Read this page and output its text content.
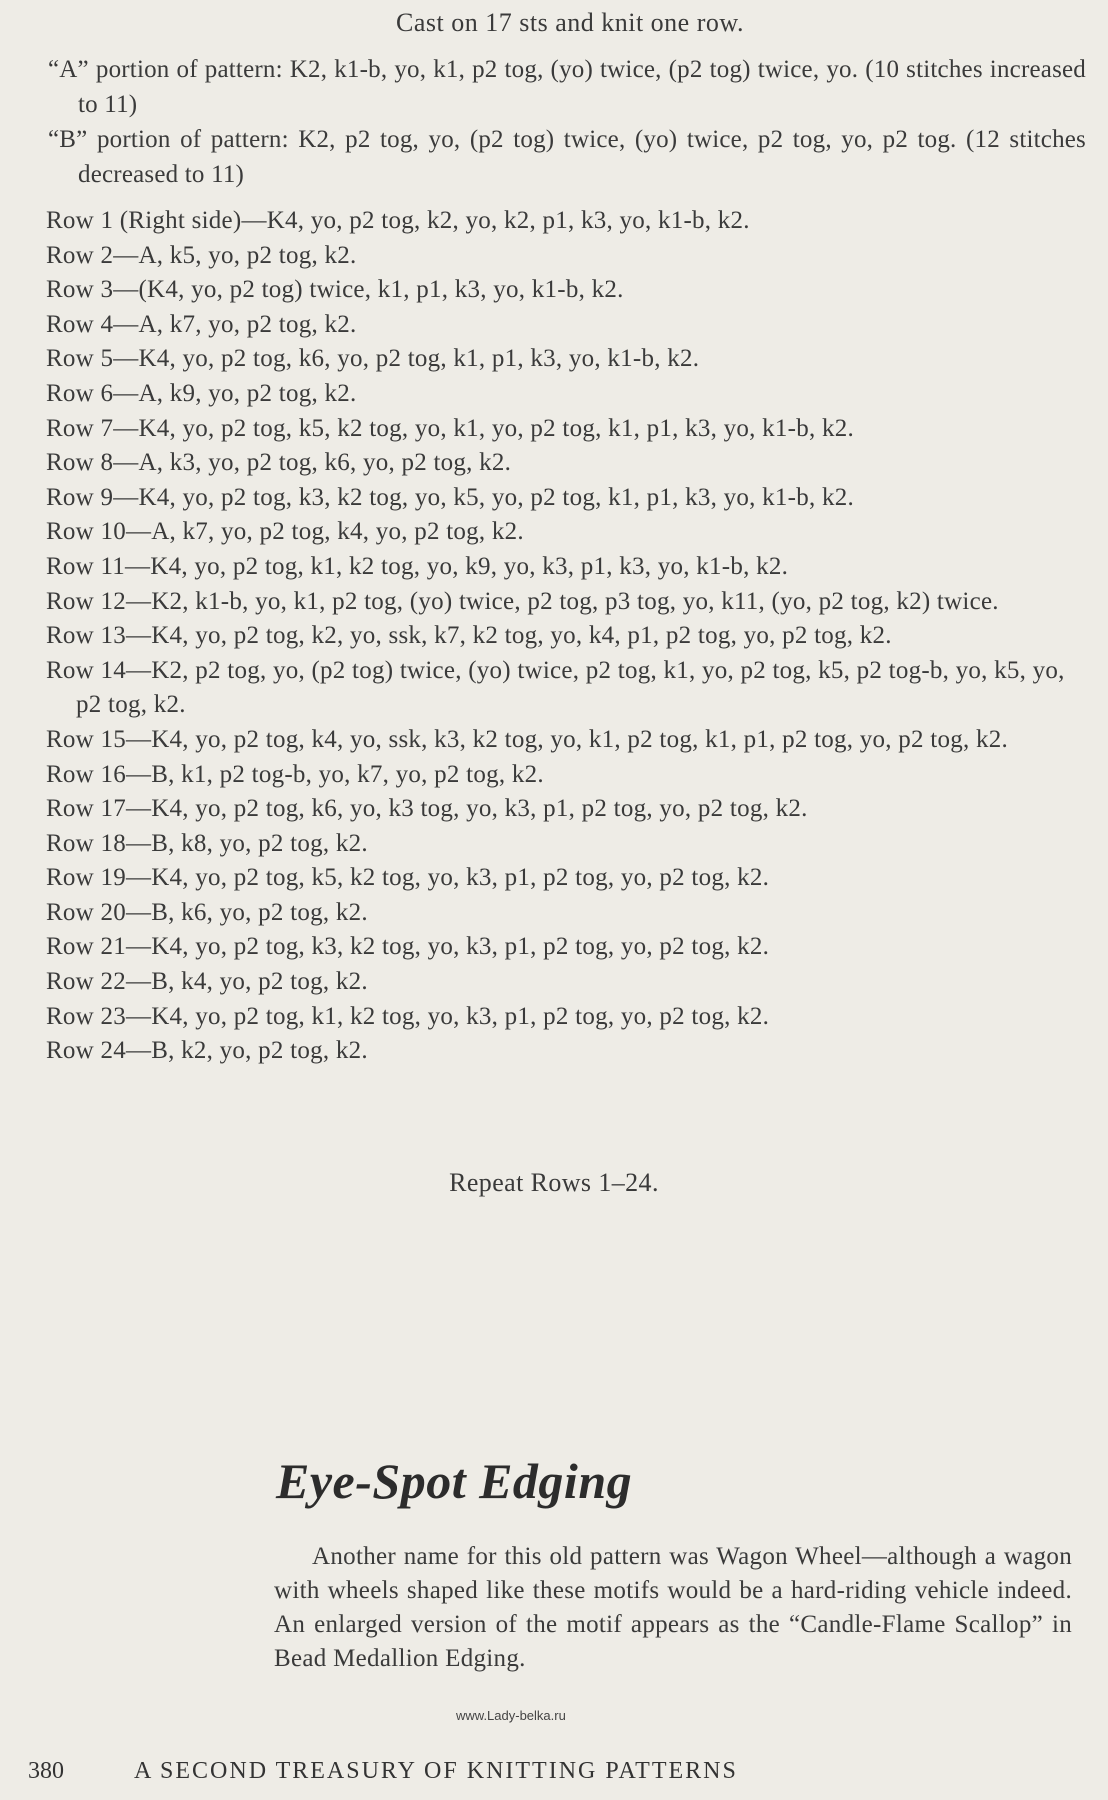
Cast on 17 sts and knit one row.
“A” portion of pattern: K2, k1-b, yo, k1, p2 tog, (yo) twice, (p2 tog) twice, yo. (10 stitches increased to 11)
“B” portion of pattern: K2, p2 tog, yo, (p2 tog) twice, (yo) twice, p2 tog, yo, p2 tog. (12 stitches decreased to 11)
Row 1 (Right side)—K4, yo, p2 tog, k2, yo, k2, p1, k3, yo, k1-b, k2.
Row 2—A, k5, yo, p2 tog, k2.
Row 3—(K4, yo, p2 tog) twice, k1, p1, k3, yo, k1-b, k2.
Row 4—A, k7, yo, p2 tog, k2.
Row 5—K4, yo, p2 tog, k6, yo, p2 tog, k1, p1, k3, yo, k1-b, k2.
Row 6—A, k9, yo, p2 tog, k2.
Row 7—K4, yo, p2 tog, k5, k2 tog, yo, k1, yo, p2 tog, k1, p1, k3, yo, k1-b, k2.
Row 8—A, k3, yo, p2 tog, k6, yo, p2 tog, k2.
Row 9—K4, yo, p2 tog, k3, k2 tog, yo, k5, yo, p2 tog, k1, p1, k3, yo, k1-b, k2.
Row 10—A, k7, yo, p2 tog, k4, yo, p2 tog, k2.
Row 11—K4, yo, p2 tog, k1, k2 tog, yo, k9, yo, k3, p1, k3, yo, k1-b, k2.
Row 12—K2, k1-b, yo, k1, p2 tog, (yo) twice, p2 tog, p3 tog, yo, k11, (yo, p2 tog, k2) twice.
Row 13—K4, yo, p2 tog, k2, yo, ssk, k7, k2 tog, yo, k4, p1, p2 tog, yo, p2 tog, k2.
Row 14—K2, p2 tog, yo, (p2 tog) twice, (yo) twice, p2 tog, k1, yo, p2 tog, k5, p2 tog-b, yo, k5, yo, p2 tog, k2.
Row 15—K4, yo, p2 tog, k4, yo, ssk, k3, k2 tog, yo, k1, p2 tog, k1, p1, p2 tog, yo, p2 tog, k2.
Row 16—B, k1, p2 tog-b, yo, k7, yo, p2 tog, k2.
Row 17—K4, yo, p2 tog, k6, yo, k3 tog, yo, k3, p1, p2 tog, yo, p2 tog, k2.
Row 18—B, k8, yo, p2 tog, k2.
Row 19—K4, yo, p2 tog, k5, k2 tog, yo, k3, p1, p2 tog, yo, p2 tog, k2.
Row 20—B, k6, yo, p2 tog, k2.
Row 21—K4, yo, p2 tog, k3, k2 tog, yo, k3, p1, p2 tog, yo, p2 tog, k2.
Row 22—B, k4, yo, p2 tog, k2.
Row 23—K4, yo, p2 tog, k1, k2 tog, yo, k3, p1, p2 tog, yo, p2 tog, k2.
Row 24—B, k2, yo, p2 tog, k2.
Repeat Rows 1–24.
Eye-Spot Edging
Another name for this old pattern was Wagon Wheel—although a wagon with wheels shaped like these motifs would be a hard-riding vehicle indeed. An enlarged version of the motif appears as the “Candle-Flame Scallop” in Bead Medallion Edging.
www.Lady-belka.ru
380	A SECOND TREASURY OF KNITTING PATTERNS
